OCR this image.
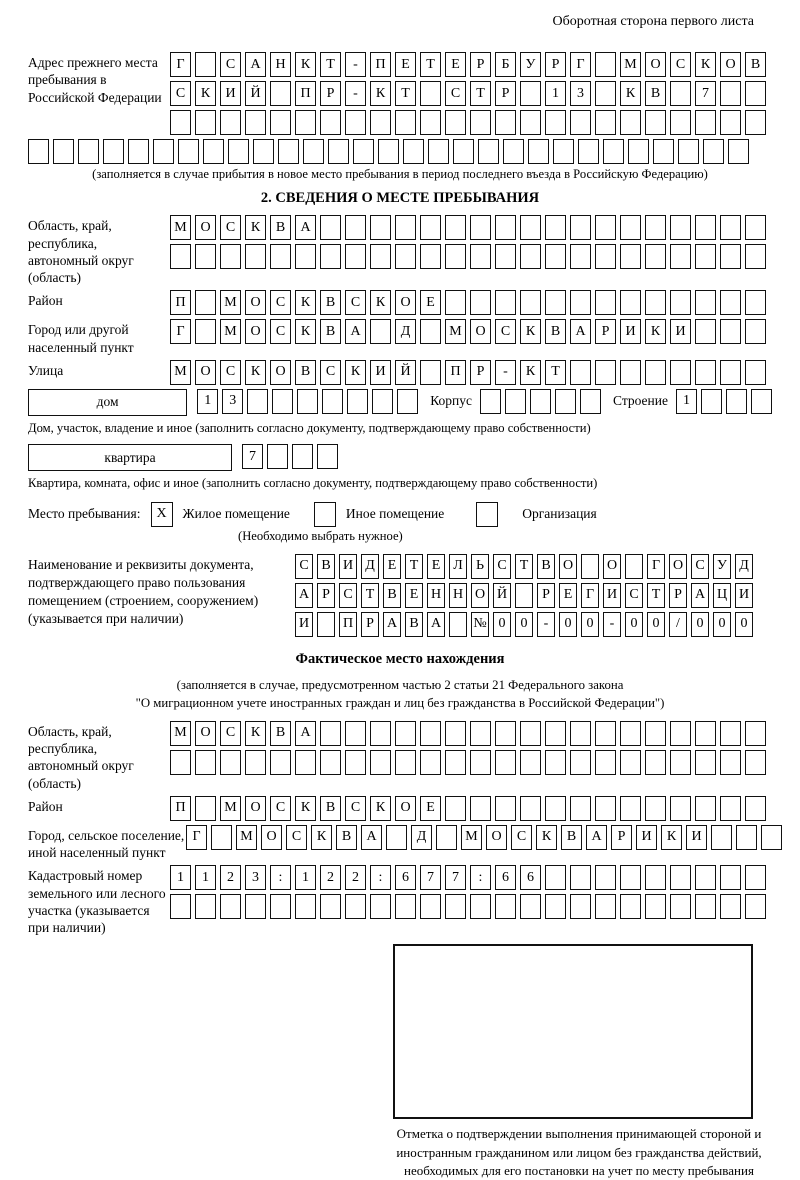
Оборотная сторона первого листа
Адрес прежнего места пребывания в Российской Федерации
Г	С	А	Н	К	Т	-	П	Е	Т	Е	Р	Б	У	Р	Г	М О	С	К	О	В
С	К	И	Й	П	Р	-	К	Т	С	Т	Р	1	3	К	В	7
(заполняется в случае прибытия в новое место пребывания в период последнего въезда в Российскую Федерацию)
2. СВЕДЕНИЯ О МЕСТЕ ПРЕБЫВАНИЯ
Область, край, республика, автономный округ (область)
М О	С	К	В	А
Район	П	М О	С	К	В	С	К	О	Е
Город или другой населенный пункт
Г	М О	С	К	В	А	Д	М О	С	К	В	А	Р	И	К	И
Улица	М О	С	К	О	В	С	К	И	Й	П	Р	-	К	Т
дом	1	3	Корпус	Строение	1
Дом, участок, владение и иное (заполнить согласно документу, подтверждающему право собственности)
квартира	7
Квартира, комната, офис и иное (заполнить согласно документу, подтверждающему право собственности)
Место пребывания:	X	Жилое помещение	Иное помещение	Организация
(Необходимо выбрать нужное)
Наименование и реквизиты документа, подтверждающего право пользования помещением (строением, сооружением) (указывается при наличии)
С В И Д Е Т Е Л Ь С Т В О О	Г О С У Д
А Р С Т В Е Н Н О Й	Р Е Г И С Т Р А Ц И
И П Р А В А № 0	0	-	0	0	-	0	0	/	0	0	0
Фактическое место нахождения
(заполняется в случае, предусмотренном частью 2 статьи 21 Федерального закона
"О миграционном учете иностранных граждан и лиц без гражданства в Российской Федерации")
Область, край, республика, автономный округ (область)
М О	С	К	В	А
Район	П	М О	С	К	В	С	К	О	Е
Город, сельское поселение, иной населенный пункт
Г	М О	С	К	В	А	Д	М О	С	К	В	А	Р	И	К	И
Кадастровый номер земельного или лесного участка (указывается при наличии)
1	1	2	3	:	1	2	2	:	6	7	7	:	6	6
Отметка о подтверждении выполнения принимающей стороной и иностранным гражданином или лицом без гражданства действий, необходимых для его постановки на учет по месту пребывания
